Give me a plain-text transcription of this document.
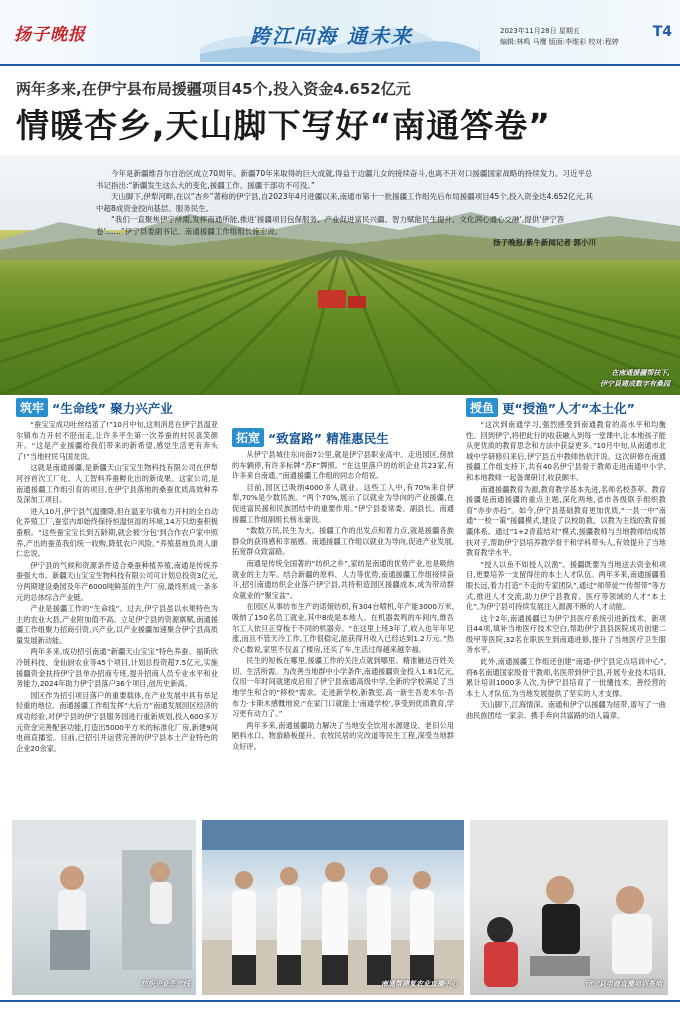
扬子晚报	跨江向海 通未来	2023年11月28日 星期五
编辑:林鸣 马鹰 版面:李维彩 校对:程婷
T4
两年多来,在伊宁县布局援疆项目45个,投入资金4.652亿元
情暖杏乡,天山脚下写好“南通答卷”

今年是新疆维吾尔自治区成立70周年。新疆70年来取得的巨大成就,得益于边疆儿女的接续奋斗,也离不开对口援疆国家战略的持续发力。习近平总书记指出:“新疆发生这么大的变化,援疆工作、援疆干部功不可没。”

天山脚下,伊犁河畔,在以“杏乡”著称的伊宁县,自2023年4月进疆以来,南通市第十一批援疆工作组先后布局援疆项目45个,投入资金达4.652亿元,其中超8成资金投向基层、服务民生。

“我们一直聚焦伊宁所需,发挥南通所能,推进‘援疆项目包保服务、产业促进富民兴疆、智力赋能民生提升、文化润心通心交融’,提供‘伊宁答卷’……”伊宁县委副书记、南通援疆工作组组长施宏说。

扬子晚报/紫牛新闻记者 郭小川

在南通援疆帮扶下,
伊宁县建成数字有桑园
筑牢 “生命线” 聚力兴产业
拓宽 “致富路” 精准惠民生
授鱼 更“授渔”人才“本土化”

“蚕宝宝成功吐丝结茧了!”10月中旬,这则消息在伊宁县温亚尔镇布力开村不胫而走,让许多平生第一次养蚕的村民喜笑颜开。“这是产业援疆给我们带来的新希望,感觉生活更有奔头了!”当地村民马国龙说。

这就是南通援疆,是新疆天山宝宝生物科技有限公司在伊犁河谷首次工厂化、人工智料养蚕孵化出的新成果。这家公司,是南通援疆工作组引育的项目,在伊宁县落地的桑蚕优质高效种养及深加工项目。

进入10月,伊宁县气温骤降,但在温亚尔镇布力开村的全自动化养殖工厂,蚕室内却始终保持恒温恒湿的环境,14万只幼蚕积极蚕粮。“这些蚕宝宝长到五龄期,就会被‘分包’到合作农户家中照养,产出的蚕茧我们统一收购,降低农户风险。”养殖基地负责人康仁忠说。

伊宁县的气候和资源条件适合桑蚕种植养殖,南通是传统养蚕强大市。新疆天山宝宝生物科技有限公司可计划总投资3亿元,分两期建设桑园及年产6000吨鲜茧的生产厂房,最终形成一条多元的总体综合产业链。

产业是援疆工作的“生命线”。过去,伊宁县虽以水果特色为主的农业大县,产业附加值不高。立足伊宁县的资源禀赋,南通援疆工作组聚力招商引资,兴产业,以产业援疆加速聚合伊宁县高质量发展新动能。

两年多来,成功招引南通“新疆天山宝宝”特色养蚕、福斯欣冷链科技、金仙厨农业等45个项目,计划总投资超7.5亿元,实施援疆资金扶持伊宁县单办招商专班,提升招商人员专业水平和业务能力,2024年助力伊宁县落户36个项目,创历史新高。

园区作为招引项目落户的重要载体,在产业发展中具有举足轻重的地位。南通援疆工作组发挥“大后方”南通发展园区经济的成功经验,对伊宁县的伊宁县服务园进行重新规划,投入600多万元资金完善配套功能,打造出5000平方米的标准化厂房,新建9间电商直播室。目前,已招引并运营完善的伊宁县本土产业特色的企业20余家。

从伊宁县城往东向南7公里,就是伊宁县职业高中。走进园区,傍放的车辆停,有许多标牌“苏F”牌照。“在这里落户的纺织企业共23家,有许多来自南通。”南通援疆工作组的同志介绍说。

目前,园区已吸纳4000多人就业。这些工人中,有70%来自伊犁,70%是少数民族。“两个70%,展示了以就业为导向的产业援疆,在促进富民援和民族团结中的重要作用。”伊宁县委常委、副县长、南通援疆工作组副组长杨永豪说。

“数数万民,民生为大。援疆工作的出发点和着力点,就是援疆各族群众的获得感和幸福感。南通援疆工作组以就业为导向,促进产业发展,拓宽群众致富路。

南通是传统全国著的“纺织之乡”,家纺是南通的优势产业,也是吸纳就业的主力军。结合新疆的原料、人力等优势,南通援疆工作组接续奋斗,招引南通纺织企业落户伊宁县,共持积造园区援疆成本,成为带动群众就业的“聚宝盆”。

在园区从事纺布生产的诺娅纺织,有304台喷机,年产能3000万米,吸纳了150名员工就业,其中8成是本地人。在机器轰鸣的车间内,维吾尔工人依旦正穿梭于不同的机器旁。“在这里上班3年了,收入也年年见涨,而且不管天冷工作,工作很稳定,能获得月收入已经达到1.2万元。”热介心数说,家里不仅盖了楼房,还买了车,生活过得越来越幸福。

民生的短板在哪里,援疆工作的关注点就到哪里。精准触达百姓关切、生活所需。为改善当地群中小学条件,南通援疆资金投入1.61亿元,仅用一年时间就建成启用了伊宁县南通高级中学,全新的学校满足了当地学生和合的“移校”需求。走进新学校,新教室,高一新生吾麦木尔·吾布力·卡斯木感慨地说:“在家门口就能上‘南通学校’,享受到优质教育,学习更有动力了。”

两年多来,南通援疆助力解决了当地安全饮用水源建设、老旧公用陋料水口、物游路板提升、农牧民居的灾改道等民生工程,深受当地群众好评。

“这次到南通学习,强烈感受到南通教育的高水平和均衡性。回到伊宁,将把此行的收获融入到每一堂课中,让本地孩子能从更优质的教育思念和方法中获益更多。”10月中旬,从南通市北城中学研修归来后,伊宁县五中教师热依汗说。这次研修在南通援疆工作组支持下,共有40名伊宁县骨干教师走进南通中小学,和本地教师一起备课研讨,收获颇丰。

南通援疆教育为源,教育教学基本先进,名师名校荟萃。教育援疆是南通援疆的重点主题,深化两地,省市各级联手组织教育“亦步亦趋”。如今,伊宁县基础教育更加优质,“一县一中”南通“一校一策”援疆模式,建设了以校助教、以教为主线的教育援疆体系。通过“1+2青蓝结对”模式,援疆教师与当地教师结成帮扶对子,帮助伊宁县培养教学骨干和学科带头人,有效提升了当地教育教学水平。

“授人以鱼不如授人以渔”。援疆既要为当地送去资金和项目,更要培养一支留得住的本土人才队伍。两年多来,南通援疆着眼长远,着力打造“不走的专家团队”,通过“师带徒”“传帮带”等方式,推进人才交流,助力伊宁县教育、医疗等领域的人才“本土化”,为伊宁县可持续发展注入源源不断的人才动能。

这个2年,南通援疆已为伊宁县医疗系统引进新技术、新项目44项,填补当地医疗技术空白,帮助伊宁县县医院成功创建二级甲等医院,32名在职医生到南通进修,提升了当地医疗卫生服务水平。

此外,南通援疆工作组还创建“南通-伊宁县定点培训中心”,将6名南通国家级骨干教师,名医带到伊宁县,开展专业技术培训,累计培训1000多人次,为伊宁县培育了一批懂技术、善经营的本土人才队伍,为当地发展提供了坚实的人才支撑。

天山脚下,江海情深。南通和伊宁以援疆为纽带,谱写了一曲曲民族团结一家亲、携手奔向共富路的动人篇章。

纺织企业生产线	南通帮建复农业直播中心	伊宁县电商直播培训基地
